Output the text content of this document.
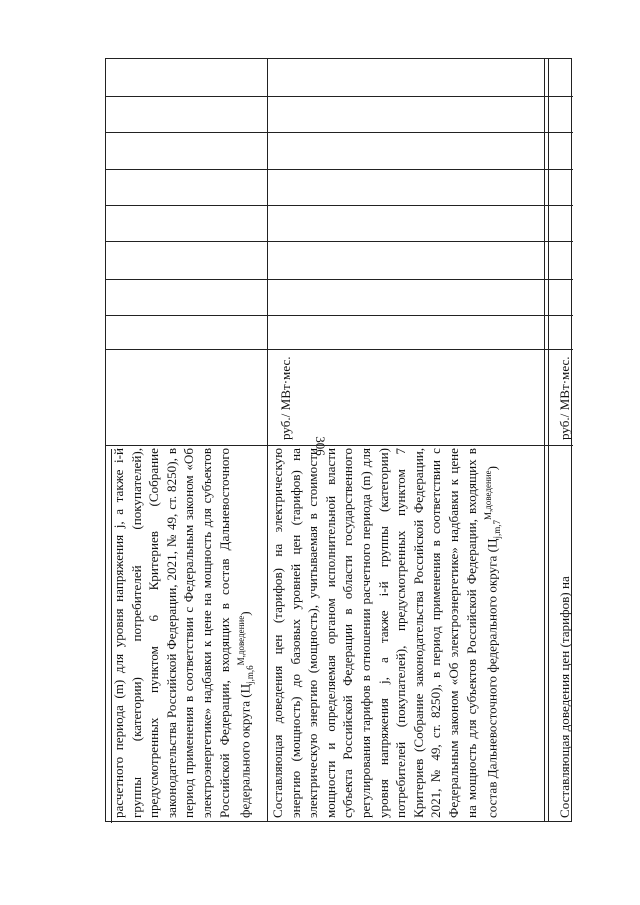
306
расчетного периода (m) для уровня напряжения j, а также i-й группы (категории) потребителей (покупателей), предусмотренных пунктом 6 Критериев (Собрание законодательства Российской Федерации, 2021, № 49, ст. 8250), в период применения в соответствии с Федеральным законом «Об электроэнергетике» надбавки к цене на мощность для субъектов Российской Федерации, входящих в состав Дальневосточного федерального округа $(Ц_{j,m,6}^{М,доведение})$
руб./ МВт·мес.
Составляющая доведения цен (тарифов) на электрическую энергию (мощность) до базовых уровней цен (тарифов) на электрическую энергию (мощность), учитываемая в стоимости мощности и определяемая органом исполнительной власти субъекта Российской Федерации в области государственного регулирования тарифов в отношении расчетного периода (m) для уровня напряжения j, а также i-й группы (категории) потребителей (покупателей), предусмотренных пунктом 7 Критериев (Собрание законодательства Российской Федерации, 2021, № 49, ст. 8250), в период применения в соответствии с Федеральным законом «Об электроэнергетике» надбавки к цене на мощность для субъектов Российской Федерации, входящих в состав Дальневосточного федерального округа $(Ц_{j,m,7}^{М,доведение})$
Составляющая доведения цен (тарифов) на
руб./ МВт·мес.
